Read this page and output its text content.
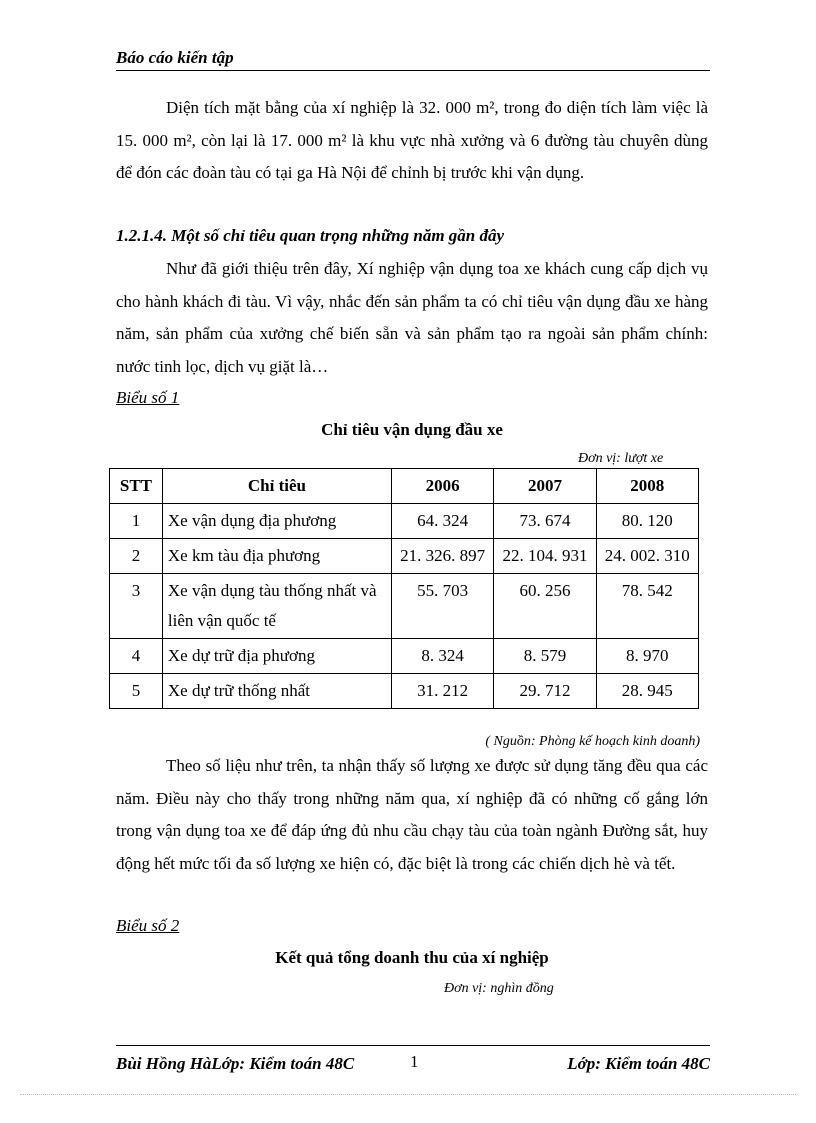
Báo cáo kiến tập

Diện tích mặt bằng của xí nghiệp là 32. 000 m², trong đo diện tích làm việc là 15. 000 m², còn lại là 17. 000 m² là khu vực nhà xưởng và 6 đường tàu chuyên dùng để đón các đoàn tàu có tại ga Hà Nội để chỉnh bị trước khi vận dụng.

1.2.1.4. Một số chỉ tiêu quan trọng những năm gần đây

Như đã giới thiệu trên đây, Xí nghiệp vận dụng toa xe khách cung cấp dịch vụ cho hành khách đi tàu. Vì vậy, nhắc đến sản phẩm ta có chỉ tiêu vận dụng đầu xe hàng năm, sản phẩm của xưởng chế biến sẵn và sản phẩm tạo ra ngoài sản phẩm chính: nước tinh lọc, dịch vụ giặt là…

Biểu số 1

Chỉ tiêu vận dụng đầu xe

Đơn vị: lượt xe

STT	Chỉ tiêu	2006	2007	2008
1	Xe vận dụng địa phương	64. 324	73. 674	80. 120
2	Xe km tàu địa phương	21. 326. 897	22. 104. 931	24. 002. 310
3	Xe vận dụng tàu thống nhất và liên vận quốc tế	55. 703	60. 256	78. 542
4	Xe dự trữ địa phương	8. 324	8. 579	8. 970
5	Xe dự trữ thống nhất	31. 212	29. 712	28. 945

( Nguồn: Phòng kế hoạch kinh doanh)

Theo số liệu như trên, ta nhận thấy số lượng xe được sử dụng tăng đều qua các năm. Điều này cho thấy trong những năm qua, xí nghiệp đã có những cố gắng lớn trong vận dụng toa xe để đáp ứng đủ nhu cầu chạy tàu của toàn ngành Đường sắt, huy động hết mức tối đa số lượng xe hiện có, đặc biệt là trong các chiến dịch hè và tết.

Biểu số 2

Kết quả tổng doanh thu của xí nghiệp

Đơn vị: nghìn đồng

Bùi Hồng HàLớp: Kiểm toán 48C	1	Lớp: Kiểm toán 48C
